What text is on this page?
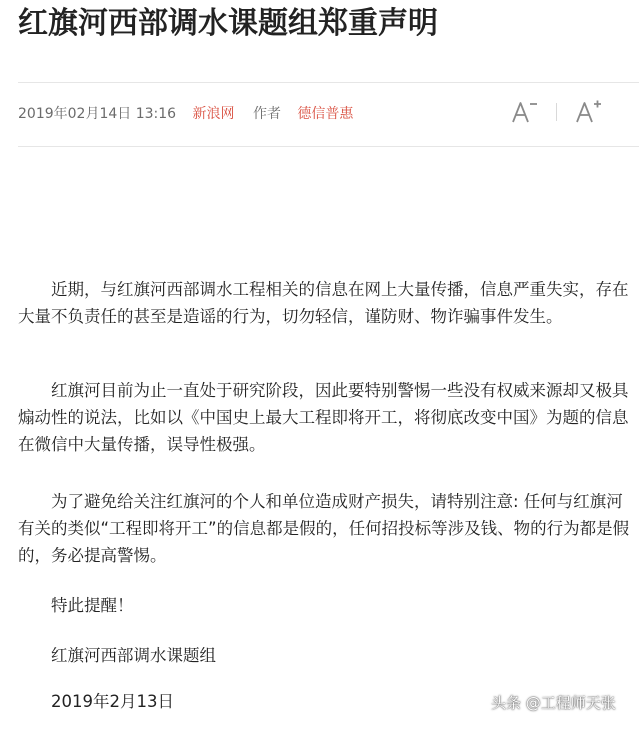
红旗河西部调水课题组郑重声明
2019年02月14日 13:16 新浪网 作者 德信普惠

近期，与红旗河西部调水工程相关的信息在网上大量传播，信息严重失实，存在大量不负责任的甚至是造谣的行为，切勿轻信，谨防财、物诈骗事件发生。

红旗河目前为止一直处于研究阶段，因此要特别警惕一些没有权威来源却又极具煽动性的说法，比如以《中国史上最大工程即将开工，将彻底改变中国》为题的信息在微信中大量传播，误导性极强。

为了避免给关注红旗河的个人和单位造成财产损失，请特别注意: 任何与红旗河有关的类似“工程即将开工”的信息都是假的，任何招投标等涉及钱、物的行为都是假的，务必提高警惕。

特此提醒！

红旗河西部调水课题组

2019年2月13日	头条 @工程师天张
